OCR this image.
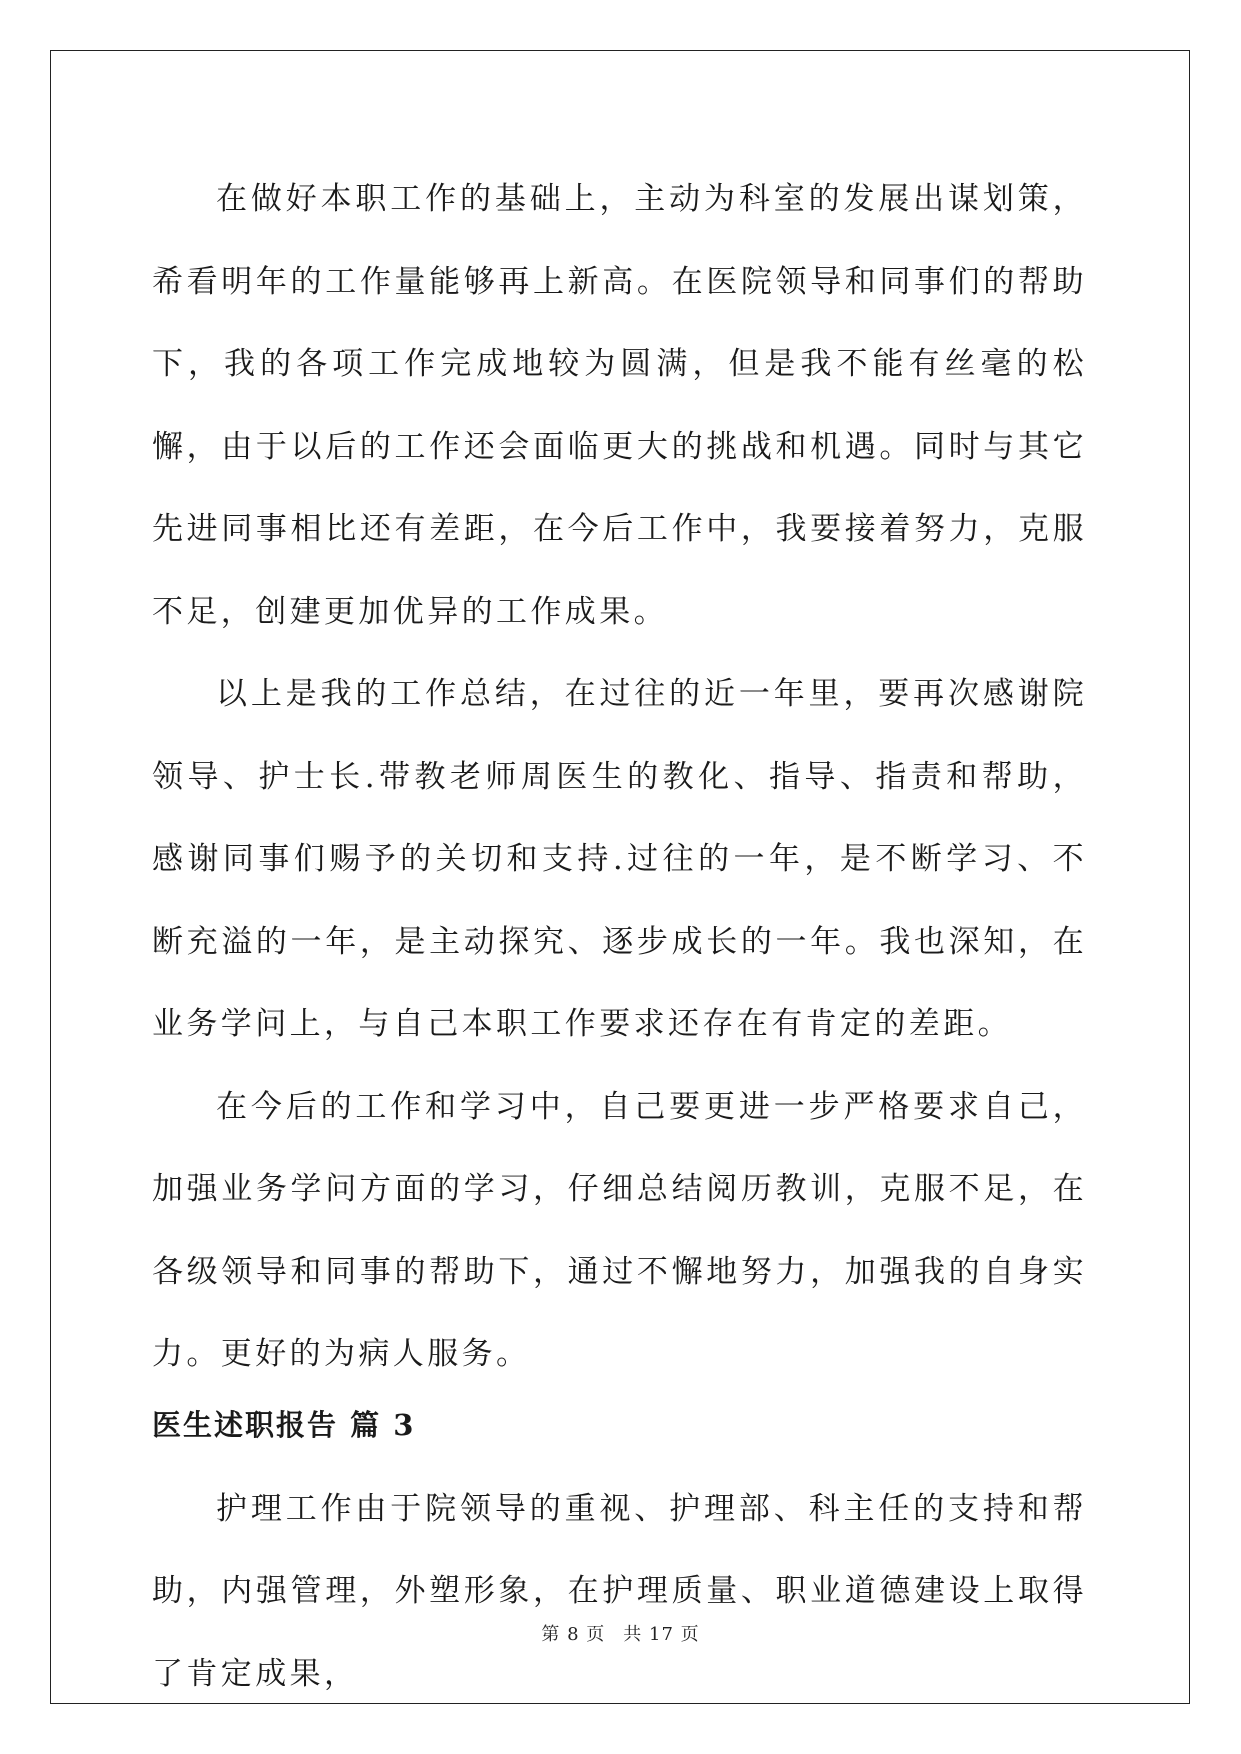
在做好本职工作的基础上，主动为科室的发展出谋划策，希看明年的工作量能够再上新高。在医院领导和同事们的帮助下，我的各项工作完成地较为圆满，但是我不能有丝毫的松懈，由于以后的工作还会面临更大的挑战和机遇。同时与其它先进同事相比还有差距，在今后工作中，我要接着努力，克服不足，创建更加优异的工作成果。

以上是我的工作总结，在过往的近一年里，要再次感谢院领导、护士长.带教老师周医生的教化、指导、指责和帮助，感谢同事们赐予的关切和支持.过往的一年，是不断学习、不断充溢的一年，是主动探究、逐步成长的一年。我也深知，在业务学问上，与自己本职工作要求还存在有肯定的差距。

在今后的工作和学习中，自己要更进一步严格要求自己，加强业务学问方面的学习，仔细总结阅历教训，克服不足，在各级领导和同事的帮助下，通过不懈地努力，加强我的自身实力。更好的为病人服务。

医生述职报告 篇 3

护理工作由于院领导的重视、护理部、科主任的支持和帮助，内强管理，外塑形象，在护理质量、职业道德建设上取得了肯定成果，

第 8 页 共 17 页
